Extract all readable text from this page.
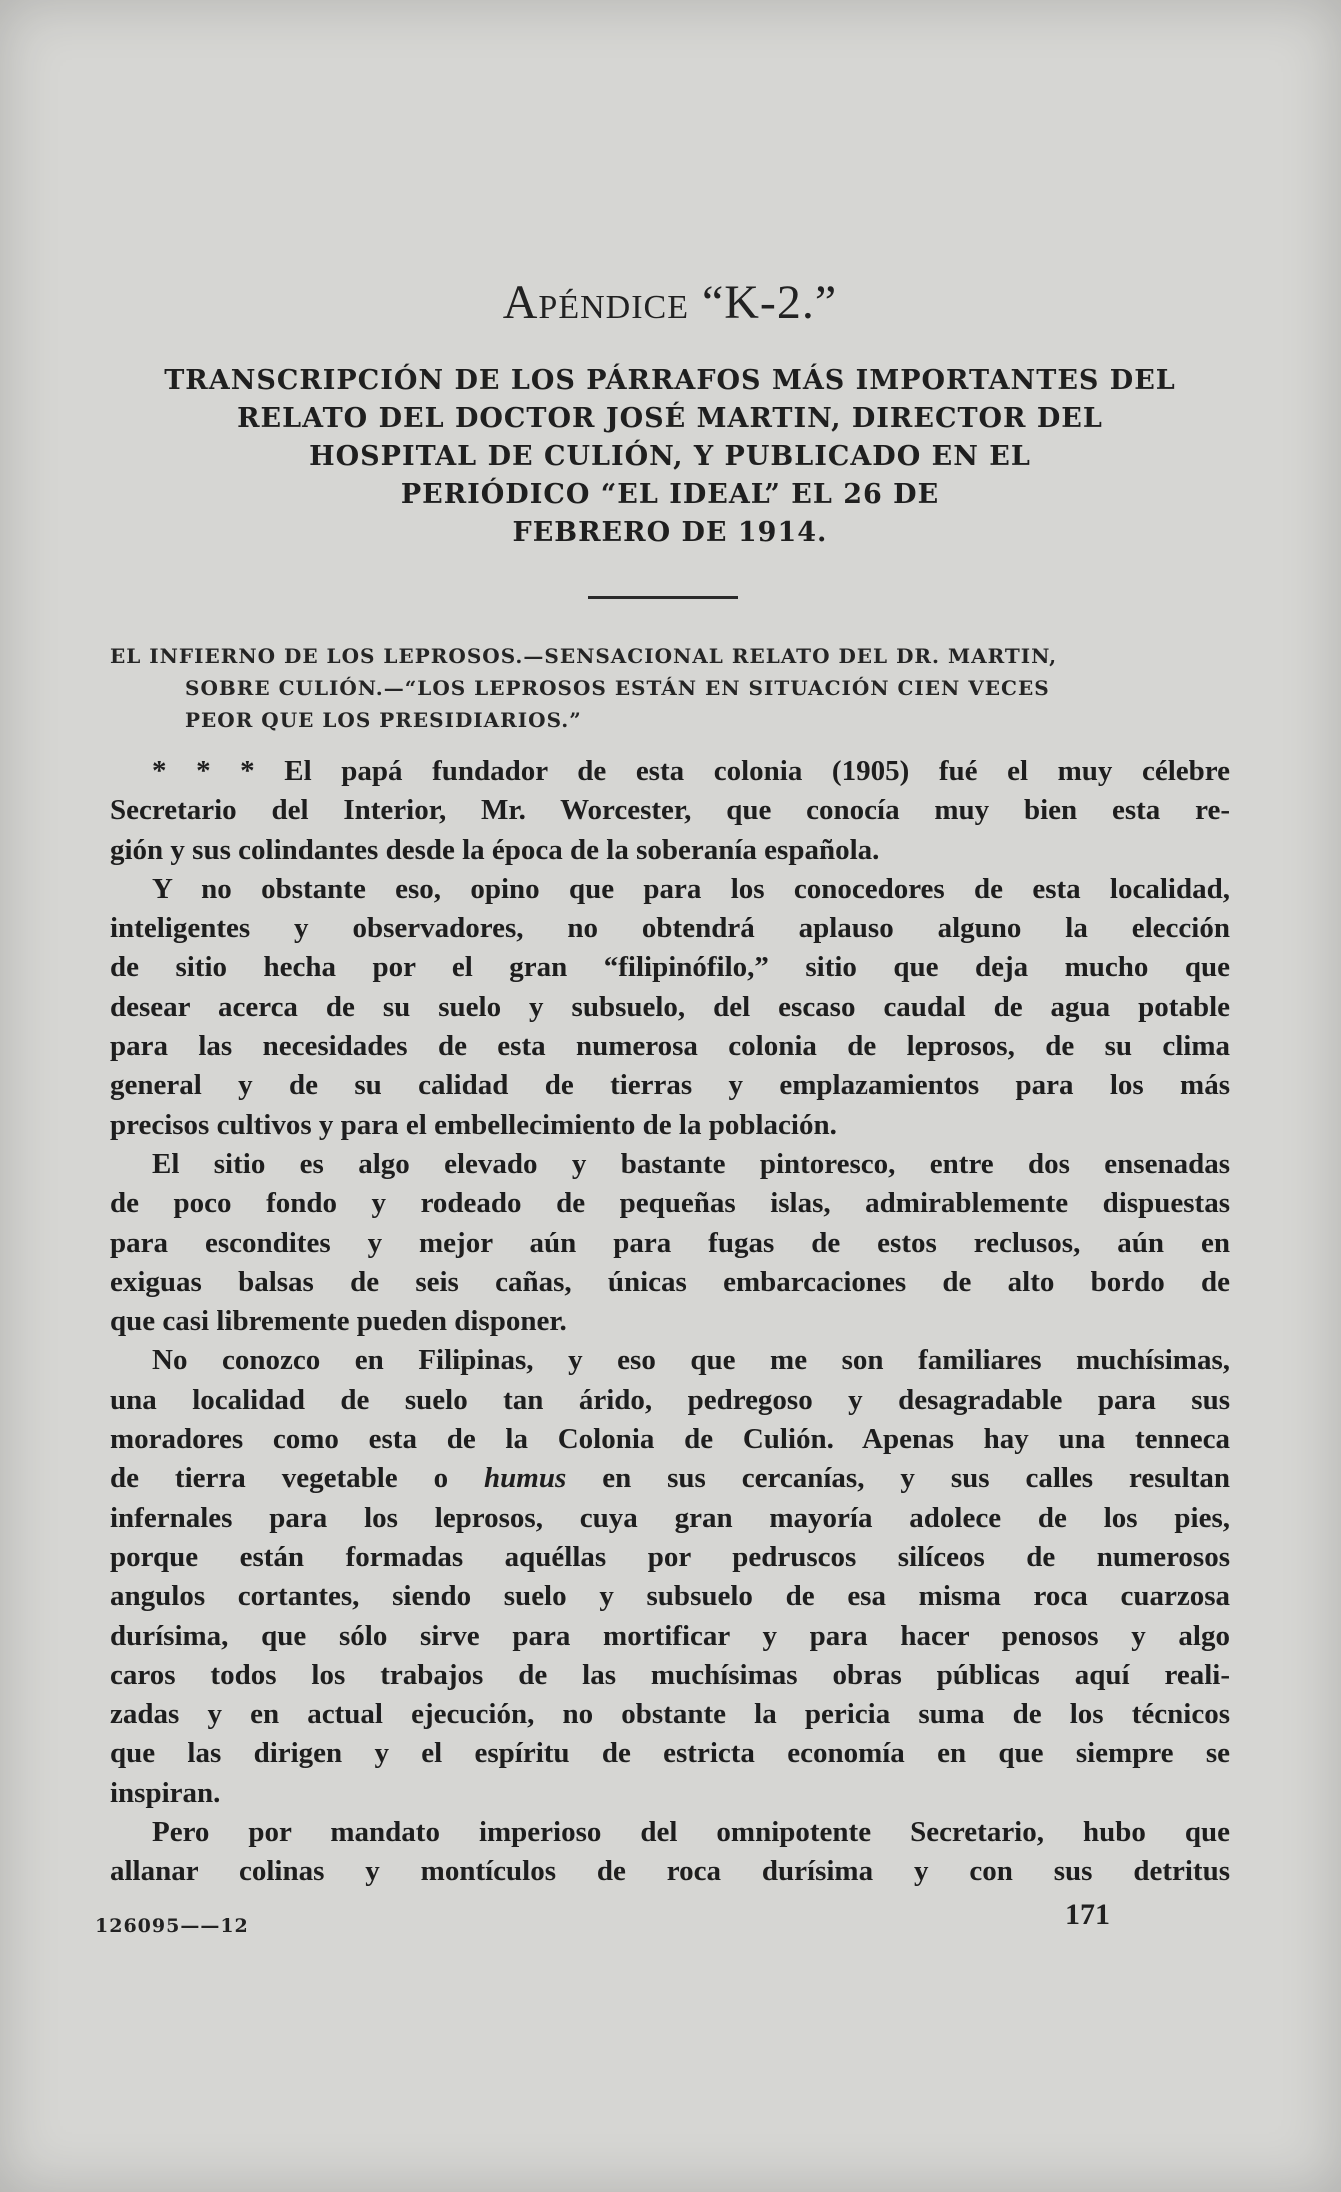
Apéndice “K-2.”
TRANSCRIPCIÓN DE LOS PÁRRAFOS MÁS IMPORTANTES DEL
RELATO DEL DOCTOR JOSÉ MARTIN, DIRECTOR DEL
HOSPITAL DE CULIÓN, Y PUBLICADO EN EL
PERIÓDICO “EL IDEAL” EL 26 DE
FEBRERO DE 1914.
EL INFIERNO DE LOS LEPROSOS.—SENSACIONAL RELATO DEL DR. MARTIN,
SOBRE CULIÓN.—“LOS LEPROSOS ESTÁN EN SITUACIÓN CIEN VECES
PEOR QUE LOS PRESIDIARIOS.”
* * * El papá fundador de esta colonia (1905) fué el muy célebre
Secretario del Interior, Mr. Worcester, que conocía muy bien esta re-
gión y sus colindantes desde la época de la soberanía española.
Y no obstante eso, opino que para los conocedores de esta localidad,
inteligentes y observadores, no obtendrá aplauso alguno la elección
de sitio hecha por el gran “filipinófilo,” sitio que deja mucho que
desear acerca de su suelo y subsuelo, del escaso caudal de agua potable
para las necesidades de esta numerosa colonia de leprosos, de su clima
general y de su calidad de tierras y emplazamientos para los más
precisos cultivos y para el embellecimiento de la población.
El sitio es algo elevado y bastante pintoresco, entre dos ensenadas
de poco fondo y rodeado de pequeñas islas, admirablemente dispuestas
para escondites y mejor aún para fugas de estos reclusos, aún en
exiguas balsas de seis cañas, únicas embarcaciones de alto bordo de
que casi libremente pueden disponer.
No conozco en Filipinas, y eso que me son familiares muchísimas,
una localidad de suelo tan árido, pedregoso y desagradable para sus
moradores como esta de la Colonia de Culión. Apenas hay una tenneca
de tierra vegetable o humus en sus cercanías, y sus calles resultan
infernales para los leprosos, cuya gran mayoría adolece de los pies,
porque están formadas aquéllas por pedruscos silíceos de numerosos
angulos cortantes, siendo suelo y subsuelo de esa misma roca cuarzosa
durísima, que sólo sirve para mortificar y para hacer penosos y algo
caros todos los trabajos de las muchísimas obras públicas aquí reali-
zadas y en actual ejecución, no obstante la pericia suma de los técnicos
que las dirigen y el espíritu de estricta economía en que siempre se
inspiran.
Pero por mandato imperioso del omnipotente Secretario, hubo que
allanar colinas y montículos de roca durísima y con sus detritus
126095——12	171
